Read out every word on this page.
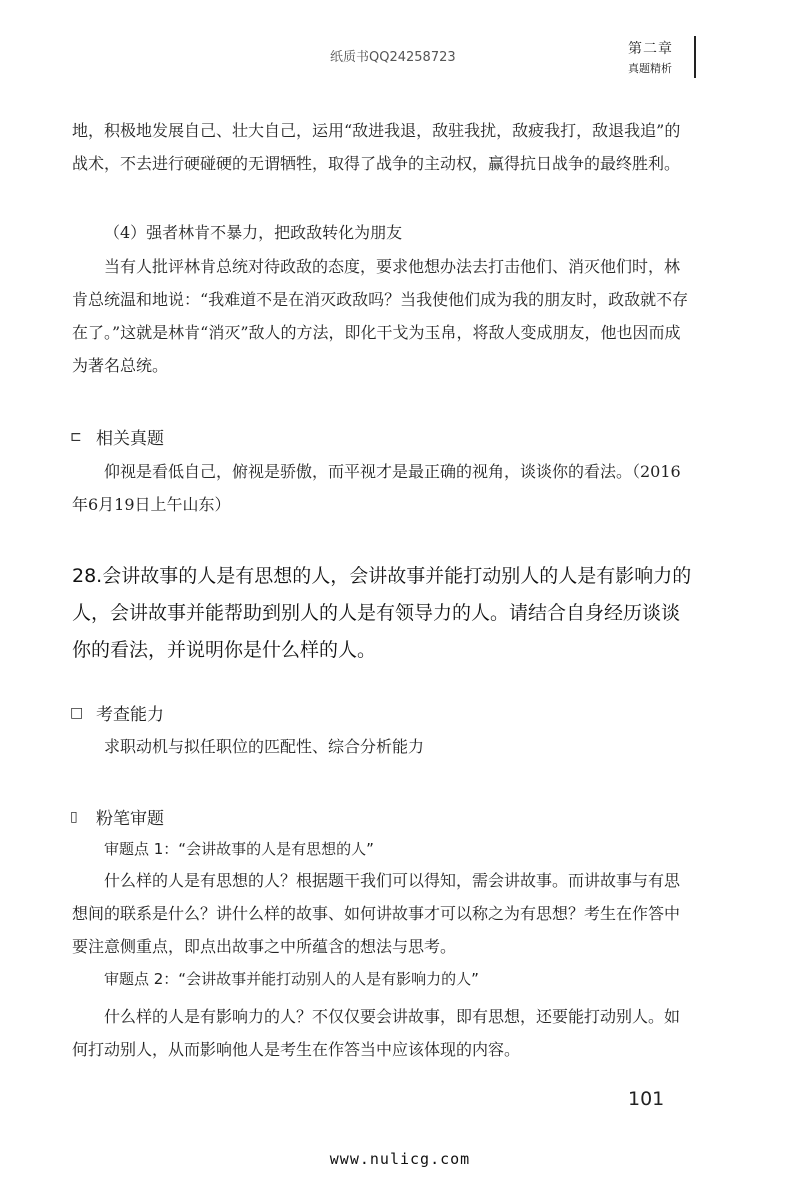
纸质书QQ24258723
第二章
真题精析
地，积极地发展自己、壮大自己，运用“敌进我退，敌驻我扰，敌疲我打，敌退我追”的战术，不去进行硬碰硬的无谓牺牲，取得了战争的主动权，赢得抗日战争的最终胜利。
（4）强者林肯不暴力，把政敌转化为朋友
当有人批评林肯总统对待政敌的态度，要求他想办法去打击他们、消灭他们时，林肯总统温和地说：“我难道不是在消灭政敌吗？当我使他们成为我的朋友时，政敌就不存在了。”这就是林肯“消灭”敌人的方法，即化干戈为玉帛，将敌人变成朋友，他也因而成为著名总统。
⊏ 相关真题
仰视是看低自己，俯视是骄傲，而平视才是最正确的视角，谈谈你的看法。（2016年6月19日上午山东）
28.会讲故事的人是有思想的人，会讲故事并能打动别人的人是有影响力的人，会讲故事并能帮助到别人的人是有领导力的人。请结合自身经历谈谈你的看法，并说明你是什么样的人。
□ 考查能力
求职动机与拟任职位的匹配性、综合分析能力
▯	粉笔审题
审题点 1：“会讲故事的人是有思想的人”
什么样的人是有思想的人？根据题干我们可以得知，需会讲故事。而讲故事与有思想间的联系是什么？讲什么样的故事、如何讲故事才可以称之为有思想？考生在作答中要注意侧重点，即点出故事之中所蕴含的想法与思考。
审题点 2：“会讲故事并能打动别人的人是有影响力的人”
什么样的人是有影响力的人？不仅仅要会讲故事，即有思想，还要能打动别人。如何打动别人，从而影响他人是考生在作答当中应该体现的内容。
101
www.nulicg.com
